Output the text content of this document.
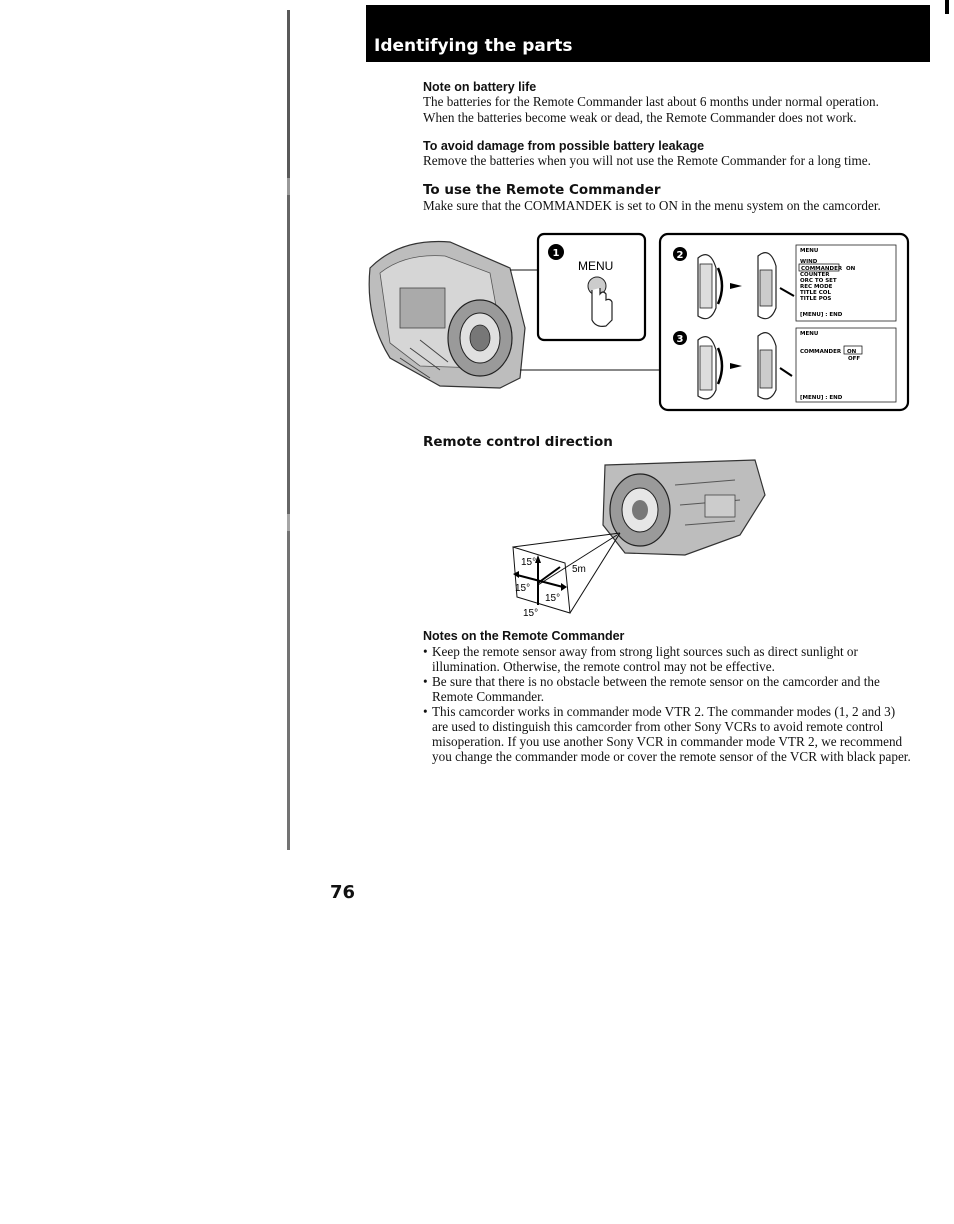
Identifying the parts
Note on battery life
The batteries for the Remote Commander last about 6 months under normal operation. When the batteries become weak or dead, the Remote Commander does not work.
To avoid damage from possible battery leakage
Remove the batteries when you will not use the Remote Commander for a long time.
To use the Remote Commander
Make sure that the COMMANDEK is set to ON in the menu system on the camcorder.
1
MENU
2
3
MENU
WIND
COMMANDER ON
COUNTER
ORC TO SET
REC MODE
TITLE COL
TITLE POS
[MENU] : END
MENU
COMMANDER ON
OFF
[MENU] : END
Remote control direction
15°
15°
15°
15°
5m
Notes on the Remote Commander
• Keep the remote sensor away from strong light sources such as direct sunlight or illumination. Otherwise, the remote control may not be effective.
• Be sure that there is no obstacle between the remote sensor on the camcorder and the Remote Commander.
• This camcorder works in commander mode VTR 2. The commander modes (1, 2 and 3) are used to distinguish this camcorder from other Sony VCRs to avoid remote control misoperation. If you use another Sony VCR in commander mode VTR 2, we recommend you change the commander mode or cover the remote sensor of the VCR with black paper.
76
